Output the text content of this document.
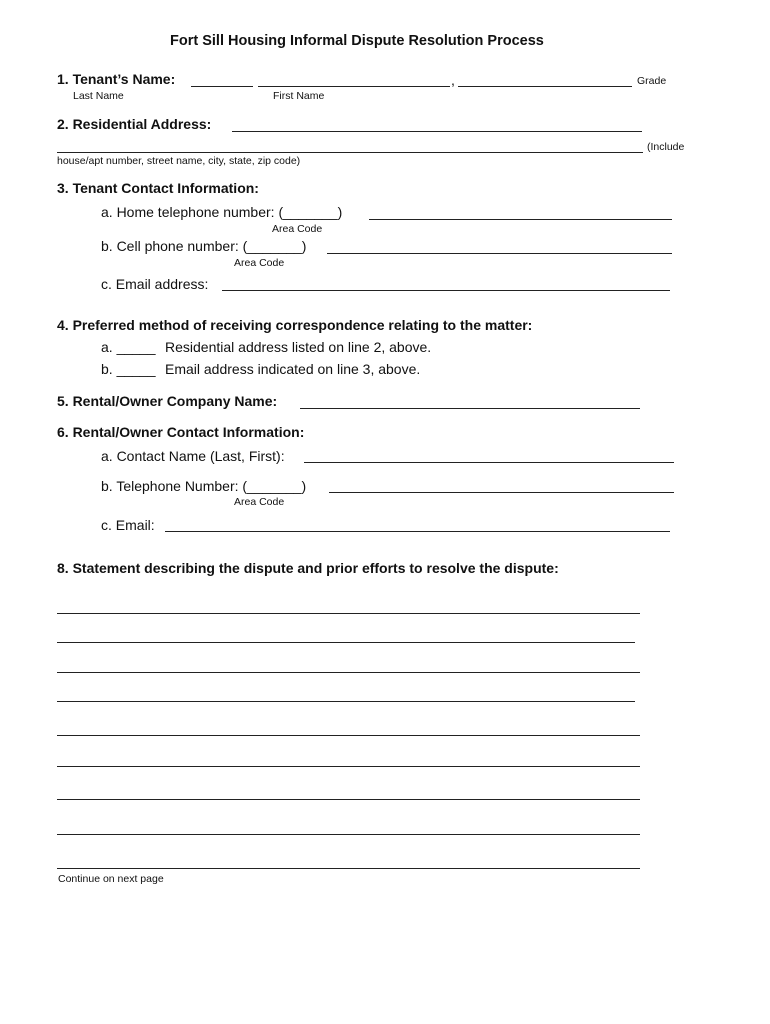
Fort Sill Housing Informal Dispute Resolution Process
1. Tenant’s Name:	,	Grade
Last Name	First Name
2. Residential Address:
(Include
house/apt number, street name, city, state, zip code)
3. Tenant Contact Information:
a. Home telephone number: (_______)
Area Code
b. Cell phone number: (_______)
Area Code
c. Email address:
4. Preferred method of receiving correspondence relating to the matter:
a. _____ Residential address listed on line 2, above.
b. _____ Email address indicated on line 3, above.
5. Rental/Owner Company Name:
6. Rental/Owner Contact Information:
a. Contact Name (Last, First):
b. Telephone Number: (_______)
Area Code
c. Email:
8. Statement describing the dispute and prior efforts to resolve the dispute:
Continue on next page
